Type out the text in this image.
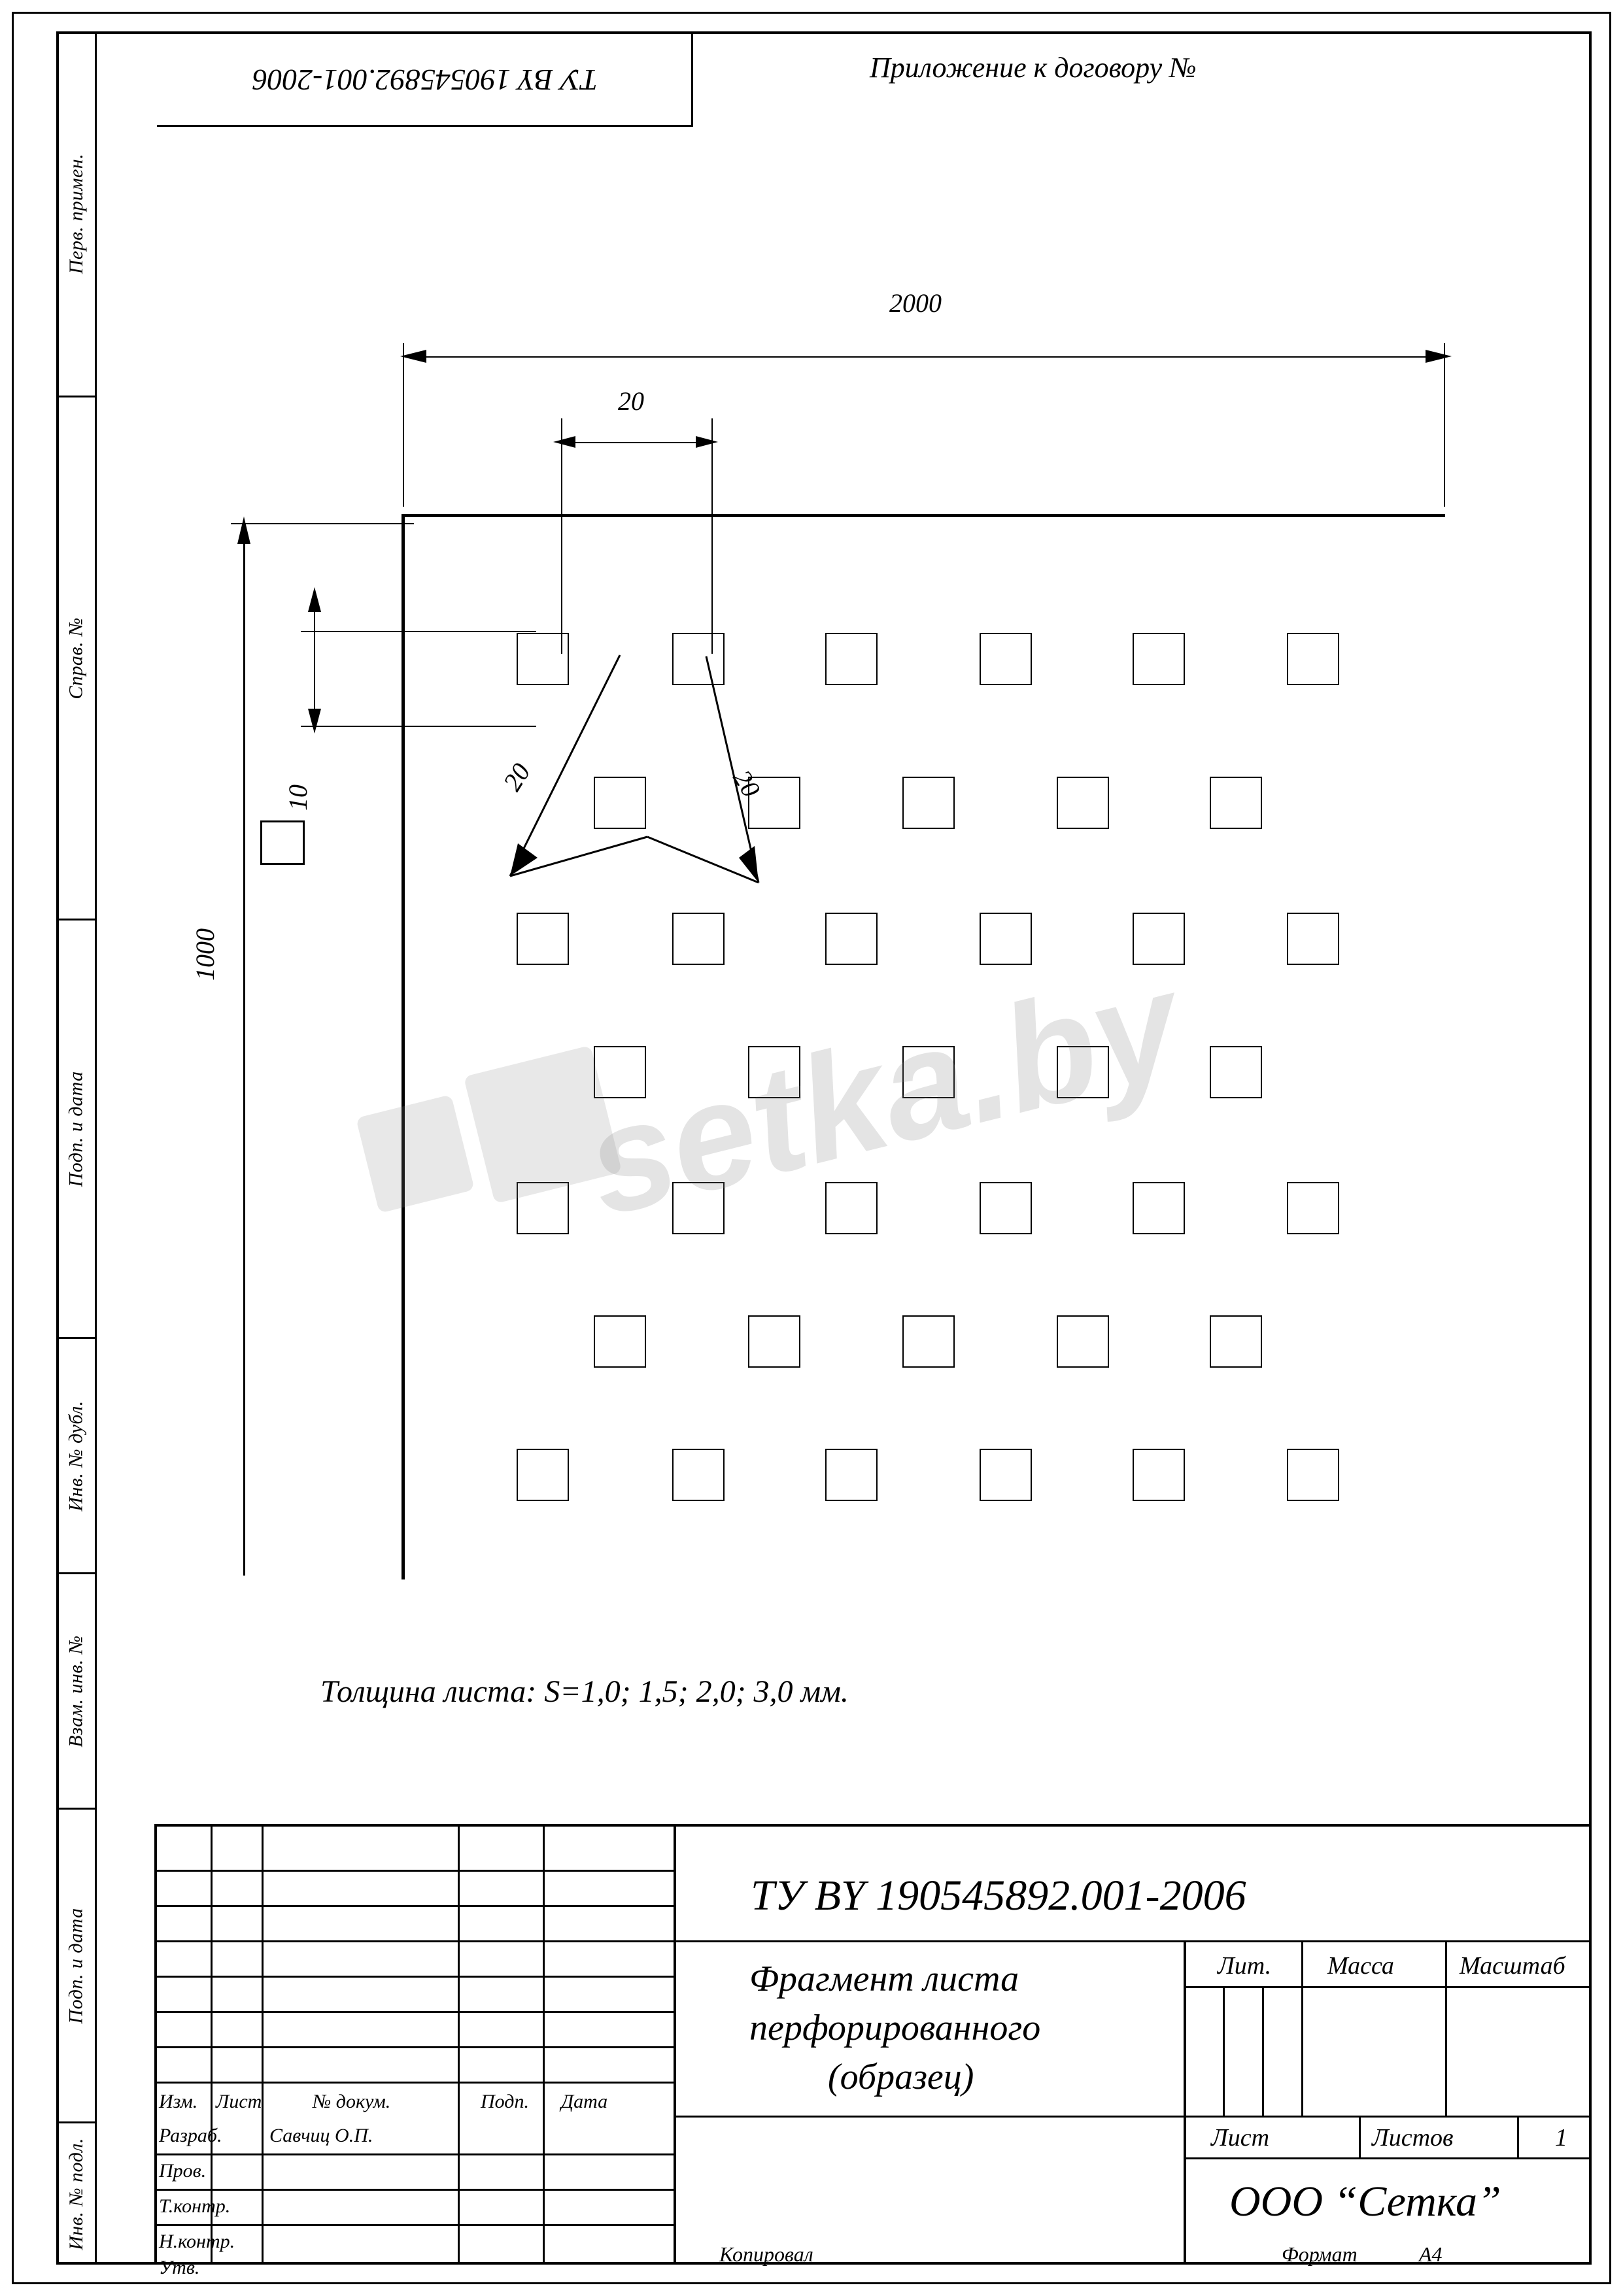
Перв. примен.
Справ. №
Подп. и дата
Инв. № дубл.
Взам. инв. №
Подп. и дата
Инв. № подл.
ТУ BY 190545892.001-2006	Приложение к договору №
2000
20
1000
10
20	20
setka.by
Толщина листа: S=1,0; 1,5; 2,0; 3,0 мм.
ТУ BY 190545892.001-2006
Фрагмент листа
перфорированного
(образец)
Изм. Лист	№ докум.	Подп. Дата
Разраб. Савчиц О.П.
Пров.
Т.контр.
Н.контр.
Утв.
Лит. Масса	Масштаб
Лист	Листов	1
ООО “Сетка”
Копировал	Формат	A4
